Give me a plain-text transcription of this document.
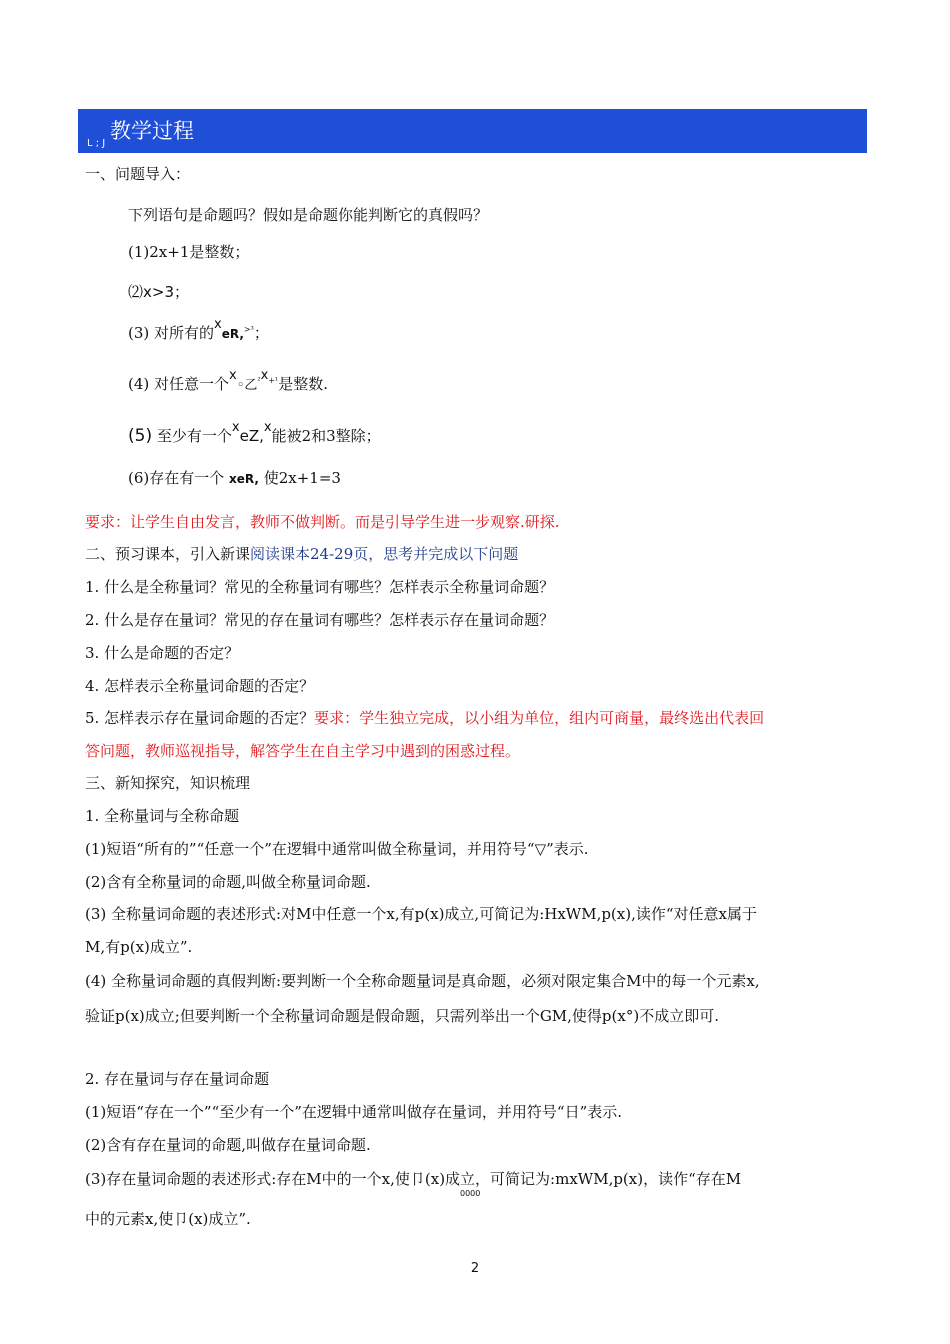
教学过程
L ; J
一、问题导入：
下列语句是命题吗？假如是命题你能判断它的真假吗？
(1)2x+1是整数；
⑵x>3；
(3) 对所有的xeR,$^{>^3}$；
(4) 对任意一个x◦乙$^{^2}x^{+^1}$是整数.
(5) 至少有一个xeZ,x能被2和3整除；
(6)存在有一个 xeR, 使2x+1=3
要求：让学生自由发言，教师不做判断。而是引导学生进一步观察.研探.
二、预习课本，引入新课阅读课本24-29页，思考并完成以下问题
1. 什么是全称量词？常见的全称量词有哪些？怎样表示全称量词命题？
2. 什么是存在量词？常见的存在量词有哪些？怎样表示存在量词命题？
3. 什么是命题的否定？
4. 怎样表示全称量词命题的否定？
5. 怎样表示存在量词命题的否定？要求：学生独立完成，以小组为单位，组内可商量，最终选出代表回
答问题，教师巡视指导，解答学生在自主学习中遇到的困惑过程。
三、新知探究，知识梳理
1. 全称量词与全称命题
(1)短语“所有的”“任意一个”在逻辑中通常叫做全称量词，并用符号“▽”表示.
(2)含有全称量词的命题,叫做全称量词命题.
(3) 全称量词命题的表述形式:对M中任意一个x,有p(x)成立,可简记为:HxWM,p(x),读作“对任意x属于
M,有p(x)成立”.
(4) 全称量词命题的真假判断:要判断一个全称命题量词是真命题，必须对限定集合M中的每一个元素x,
验证p(x)成立;但要判断一个全称量词命题是假命题，只需列举出一个GM,使得p(x°)不成立即可.
2. 存在量词与存在量词命题
(1)短语“存在一个”“至少有一个”在逻辑中通常叫做存在量词，并用符号“日”表示.
(2)含有存在量词的命题,叫做存在量词命题.
(3)存在量词命题的表述形式:存在M中的一个x,使卩(x)成立，可简记为:mxWM,p(x)，读作“存在M
0000
中的元素x,使卩(x)成立”.
2
